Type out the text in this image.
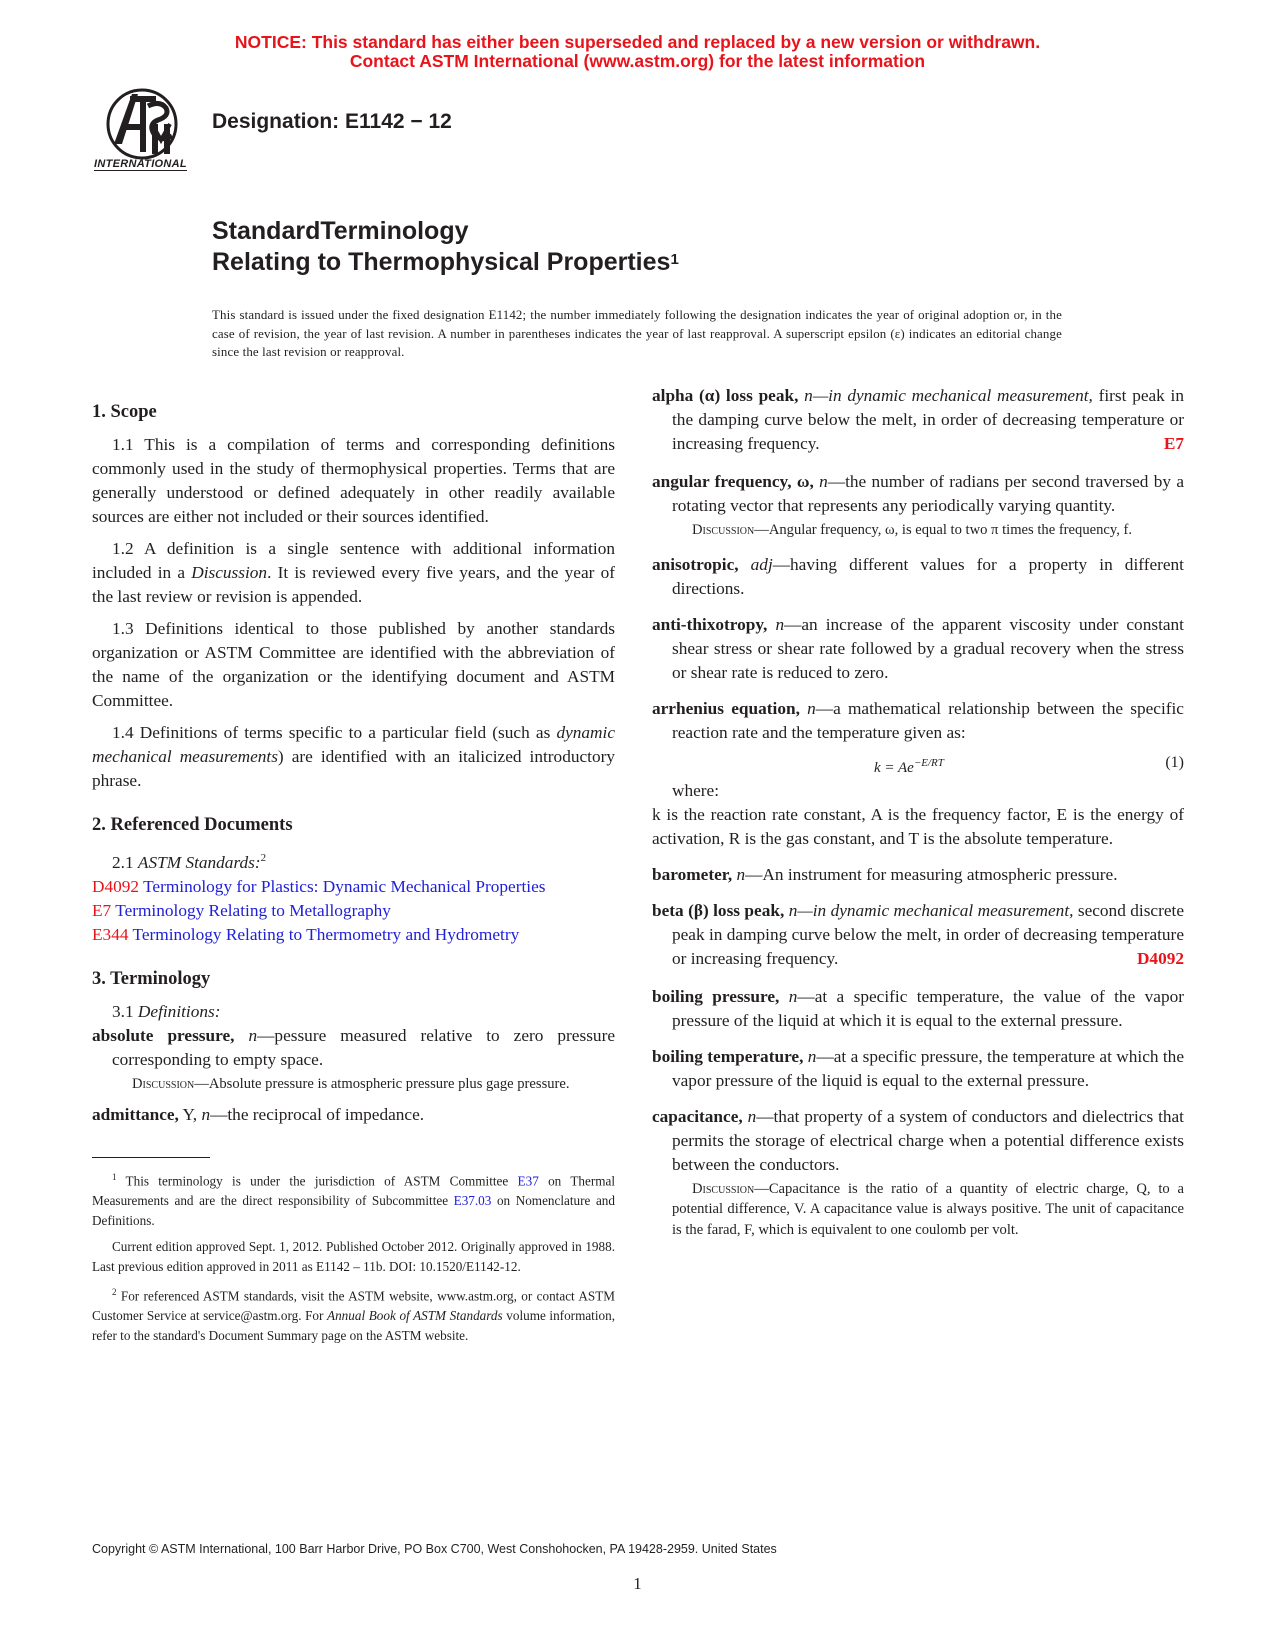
NOTICE: This standard has either been superseded and replaced by a new version or withdrawn.
Contact ASTM International (www.astm.org) for the latest information
INTERNATIONAL
Designation: E1142 − 12
StandardTerminology
Relating to Thermophysical Properties$^1$
This standard is issued under the fixed designation E1142; the number immediately following the designation indicates the year of original adoption or, in the case of revision, the year of last revision. A number in parentheses indicates the year of last reapproval. A superscript epsilon (ε) indicates an editorial change since the last revision or reapproval.
1. Scope

1.1 This is a compilation of terms and corresponding definitions commonly used in the study of thermophysical properties. Terms that are generally understood or defined adequately in other readily available sources are either not included or their sources identified.

1.2 A definition is a single sentence with additional information included in a Discussion. It is reviewed every five years, and the year of the last review or revision is appended.

1.3 Definitions identical to those published by another standards organization or ASTM Committee are identified with the abbreviation of the name of the organization or the identifying document and ASTM Committee.

1.4 Definitions of terms specific to a particular field (such as dynamic mechanical measurements) are identified with an italicized introductory phrase.

2. Referenced Documents

2.1 ASTM Standards:$^2$

D4092 Terminology for Plastics: Dynamic Mechanical Properties

E7 Terminology Relating to Metallography

E344 Terminology Relating to Thermometry and Hydrometry

3. Terminology

3.1 Definitions:

absolute pressure, n—pessure measured relative to zero pressure corresponding to empty space.

Discussion—Absolute pressure is atmospheric pressure plus gage pressure.

admittance, Y, n—the reciprocal of impedance.

$^1$ This terminology is under the jurisdiction of ASTM Committee E37 on Thermal Measurements and are the direct responsibility of Subcommittee E37.03 on Nomenclature and Definitions.

Current edition approved Sept. 1, 2012. Published October 2012. Originally approved in 1988. Last previous edition approved in 2011 as E1142 – 11b. DOI: 10.1520/E1142-12.

$^2$ For referenced ASTM standards, visit the ASTM website, www.astm.org, or contact ASTM Customer Service at service@astm.org. For Annual Book of ASTM Standards volume information, refer to the standard's Document Summary page on the ASTM website.

alpha (α) loss peak, n—in dynamic mechanical measurement, first peak in the damping curve below the melt, in order of decreasing temperature or increasing frequency.	E7

angular frequency, ω, n—the number of radians per second traversed by a rotating vector that represents any periodically varying quantity.

Discussion—Angular frequency, ω, is equal to two π times the frequency, f.

anisotropic, adj—having different values for a property in different directions.

anti-thixotropy, n—an increase of the apparent viscosity under constant shear stress or shear rate followed by a gradual recovery when the stress or shear rate is reduced to zero.

arrhenius equation, n—a mathematical relationship between the specific reaction rate and the temperature given as:

$k = Ae^{-E/RT}$	(1)

where:

k is the reaction rate constant, A is the frequency factor, E is the energy of activation, R is the gas constant, and T is the absolute temperature.

barometer, n—An instrument for measuring atmospheric pressure.

beta (β) loss peak, n—in dynamic mechanical measurement, second discrete peak in damping curve below the melt, in order of decreasing temperature or increasing frequency.	D4092

boiling pressure, n—at a specific temperature, the value of the vapor pressure of the liquid at which it is equal to the external pressure.

boiling temperature, n—at a specific pressure, the temperature at which the vapor pressure of the liquid is equal to the external pressure.

capacitance, n—that property of a system of conductors and dielectrics that permits the storage of electrical charge when a potential difference exists between the conductors.

Discussion—Capacitance is the ratio of a quantity of electric charge, Q, to a potential difference, V. A capacitance value is always positive. The unit of capacitance is the farad, F, which is equivalent to one coulomb per volt.

Copyright © ASTM International, 100 Barr Harbor Drive, PO Box C700, West Conshohocken, PA 19428-2959. United States
1
